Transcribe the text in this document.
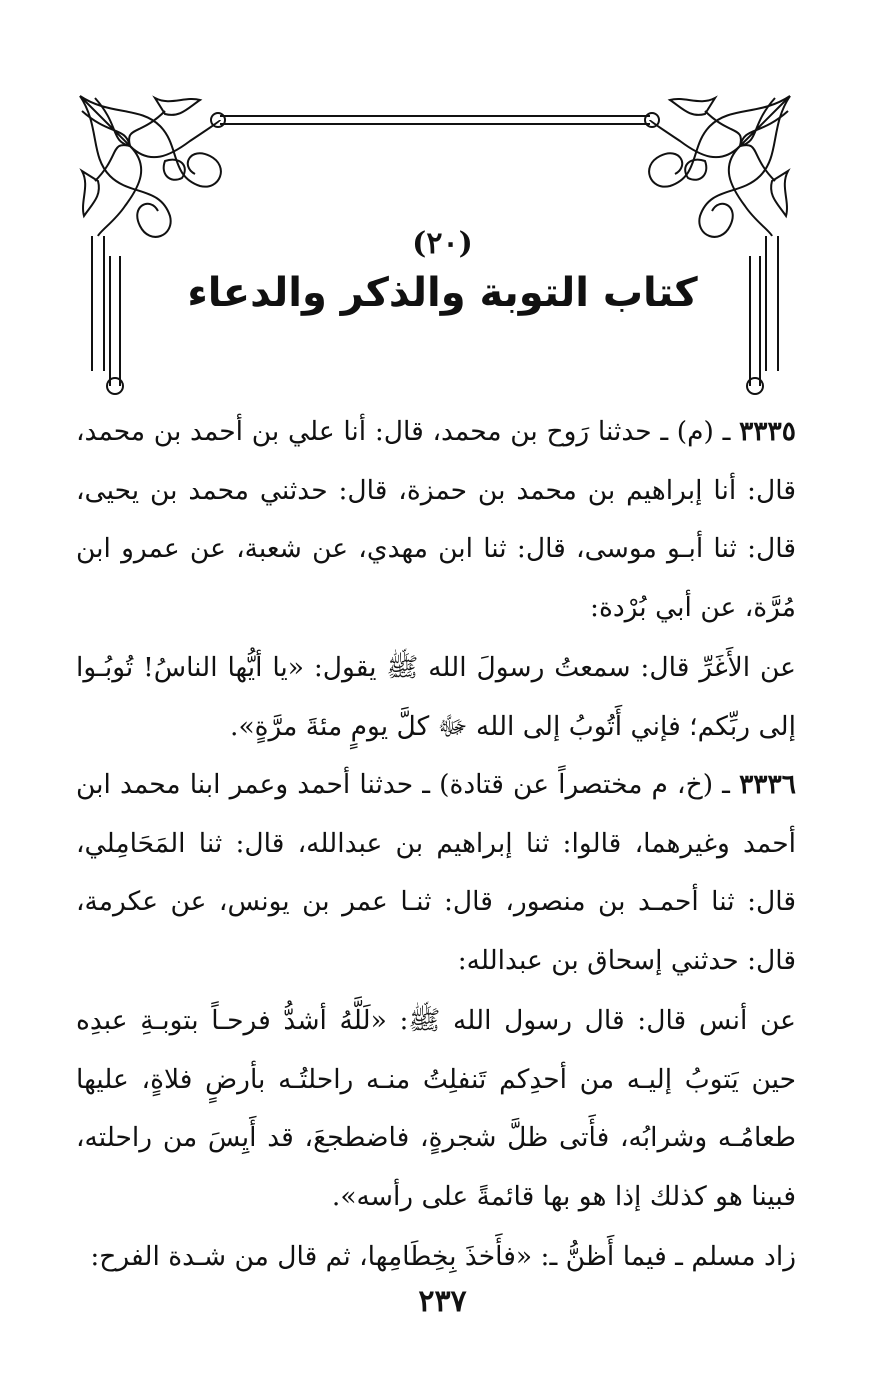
(٢٠)
كتاب التوبة والذكر والدعاء

٣٣٣٥ ـ (م) ـ حدثنا رَوح بن محمد، قال: أنا علي بن أحمد بن محمد، قال: أنا إبراهيم بن محمد بن حمزة، قال: حدثني محمد بن يحيى، قال: ثنا أبـو موسى، قال: ثنا ابن مهدي، عن شعبة، عن عمرو ابن مُرَّة، عن أبي بُرْدة:

عن الأَغَرِّ قال: سمعتُ رسولَ الله ﷺ يقول: «يا أيُّها الناسُ! تُوبُـوا إلى ربِّكم؛ فإني أَتُوبُ إلى الله ﷻ كلَّ يومٍ مئةَ مرَّةٍ».

٣٣٣٦ ـ (خ، م مختصراً عن قتادة) ـ حدثنا أحمد وعمر ابنا محمد ابن أحمد وغيرهما، قالوا: ثنا إبراهيم بن عبدالله، قال: ثنا المَحَامِلي، قال: ثنا أحمـد بن منصور، قال: ثنـا عمر بن يونس، عن عكرمة، قال: حدثني إسحاق بن عبدالله:

عن أنس قال: قال رسول الله ﷺ: «لَلَّهُ أشدُّ فرحـاً بتوبـةِ عبدِه حين يَتوبُ إليـه من أحدِكم تَنفلِتُ منـه راحلتُـه بأرضٍ فلاةٍ، عليها طعامُـه وشرابُه، فأَتى ظلَّ شجرةٍ، فاضطجعَ، قد أَيِسَ من راحلته، فبينا هو كذلك إذا هو بها قائمةً على رأسه».

زاد مسلم ـ فيما أَظنُّ ـ: «فأَخذَ بِخِطَامِها، ثم قال من شـدة الفرح:

٢٣٧
